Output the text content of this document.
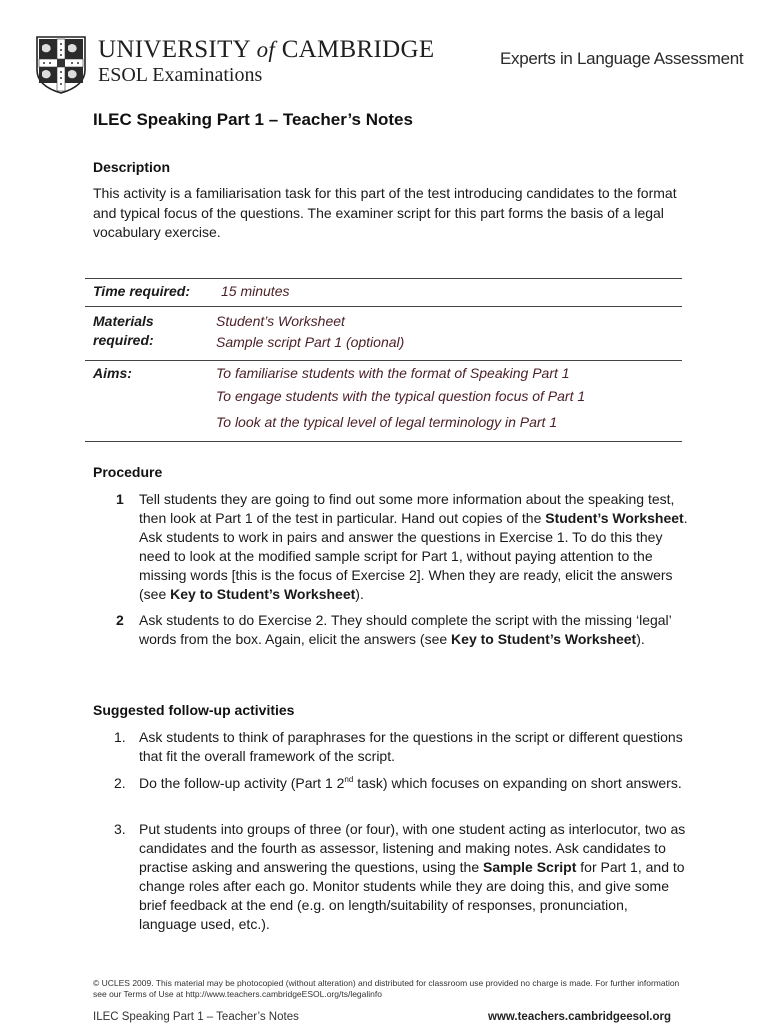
UNIVERSITY of CAMBRIDGE
ESOL Examinations
Experts in Language Assessment
ILEC Speaking Part 1 – Teacher’s Notes
Description
This activity is a familiarisation task for this part of the test introducing candidates to the format and typical focus of the questions. The examiner script for this part forms the basis of a legal vocabulary exercise.
Procedure
1 Tell students they are going to find out some more information about the speaking test, then look at Part 1 of the test in particular. Hand out copies of the Student’s Worksheet. Ask students to work in pairs and answer the questions in Exercise 1. To do this they need to look at the modified sample script for Part 1, without paying attention to the missing words [this is the focus of Exercise 2]. When they are ready, elicit the answers (see Key to Student’s Worksheet).
2 Ask students to do Exercise 2. They should complete the script with the missing ‘legal’ words from the box. Again, elicit the answers (see Key to Student’s Worksheet).
Suggested follow-up activities
1. Ask students to think of paraphrases for the questions in the script or different questions that fit the overall framework of the script.
2. Do the follow-up activity (Part 1 2nd task) which focuses on expanding on short answers.
3. Put students into groups of three (or four), with one student acting as interlocutor, two as candidates and the fourth as assessor, listening and making notes. Ask candidates to practise asking and answering the questions, using the Sample Script for Part 1, and to change roles after each go. Monitor students while they are doing this, and give some brief feedback at the end (e.g. on length/suitability of responses, pronunciation, language used, etc.).
Time required:	15 minutes

Materials required:	Student’s Worksheet
Sample script Part 1 (optional)

Aims:	To familiarise students with the format of Speaking Part 1
To engage students with the typical question focus of Part 1
To look at the typical level of legal terminology in Part 1
© UCLES 2009. This material may be photocopied (without alteration) and distributed for classroom use provided no charge is made. For further information see our Terms of Use at http://www.teachers.cambridgeESOL.org/ts/legalinfo
ILEC Speaking Part 1 – Teacher’s Notes	www.teachers.cambridgeesol.org
